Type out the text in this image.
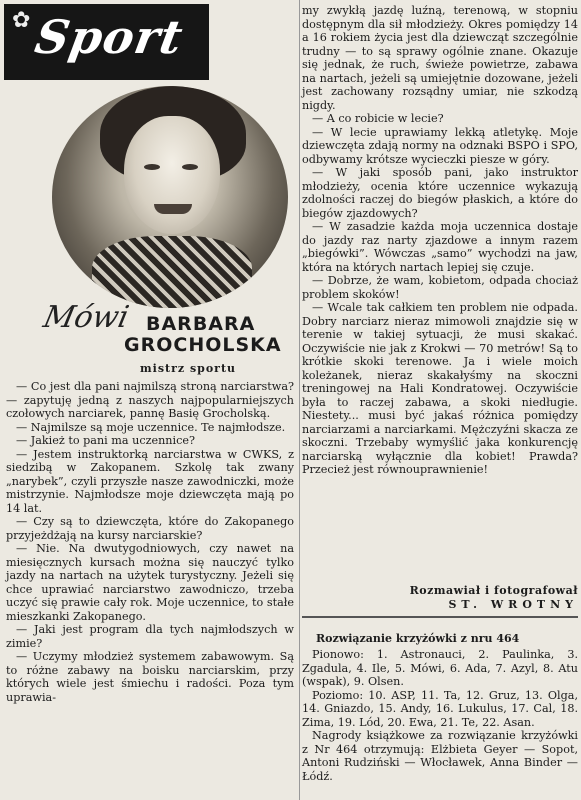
✿ Sport
Mówi BARBARA
GROCHOLSKA
mistrz sportu

— Co jest dla pani najmilszą stroną narciarstwa? — zapytuję jedną z naszych najpopularniejszych czołowych narciarek, pannę Basię Grocholską.

— Najmilsze są moje uczennice. Te najmłodsze.

— Jakież to pani ma uczennice?

— Jestem instruktorką narciarstwa w CWKS, z siedzibą w Zakopanem. Szkolę tak zwany „narybek”, czyli przyszłe nasze zawodniczki, może mistrzynie. Najmłodsze moje dziewczęta mają po 14 lat.

— Czy są to dziewczęta, które do Zakopanego przyjeżdżają na kursy narciarskie?

— Nie. Na dwutygodniowych, czy nawet na miesięcznych kursach można się nauczyć tylko jazdy na nartach na użytek turystyczny. Jeżeli się chce uprawiać narciarstwo zawodniczo, trzeba uczyć się prawie cały rok. Moje uczennice, to stałe mieszkanki Zakopanego.

— Jaki jest program dla tych najmłodszych w zimie?

— Uczymy młodzież systemem zabawowym. Są to różne zabawy na boisku narciarskim, przy których wiele jest śmiechu i radości. Poza tym uprawia-

my zwykłą jazdę luźną, terenową, w stopniu dostępnym dla sił młodzieży. Okres pomiędzy 14 a 16 rokiem życia jest dla dziewcząt szczególnie trudny — to są sprawy ogólnie znane. Okazuje się jednak, że ruch, świeże powietrze, zabawa na nartach, jeżeli są umiejętnie dozowane, jeżeli jest zachowany rozsądny umiar, nie szkodzą nigdy.

— A co robicie w lecie?

— W lecie uprawiamy lekką atletykę. Moje dziewczęta zdają normy na odznaki BSPO i SPO, odbywamy krótsze wycieczki piesze w góry.

— W jaki sposób pani, jako instruktor młodzieży, ocenia które uczennice wykazują zdolności raczej do biegów płaskich, a które do biegów zjazdowych?

— W zasadzie każda moja uczennica dostaje do jazdy raz narty zjazdowe a innym razem „biegówki”. Wówczas „samo” wychodzi na jaw, która na których nartach lepiej się czuje.

— Dobrze, że wam, kobietom, odpada chociaż problem skoków!

— Wcale tak całkiem ten problem nie odpada. Dobry narciarz nieraz mimowoli znajdzie się w terenie w takiej sytuacji, że musi skakać. Oczywiście nie jak z Krokwi — 70 metrów! Są to krótkie skoki terenowe. Ja i wiele moich koleżanek, nieraz skakałyśmy na skoczni treningowej na Hali Kondratowej. Oczywiście była to raczej zabawa, a skoki niedługie. Niestety... musi być jakaś różnica pomiędzy narciarzami a narciarkami. Mężczyźni skacza ze skoczni. Trzebaby wymyślić jaka konkurencję narciarską wyłącznie dla kobiet! Prawda? Przecież jest równouprawnienie!

Rozmawiał i fotografował
ST. WROTNY
Rozwiązanie krzyżówki z nru 464

Pionowo: 1. Astronauci, 2. Paulinka, 3. Zgadula, 4. Ile, 5. Mówi, 6. Ada, 7. Azyl, 8. Atu (wspak), 9. Olsen.

Poziomo: 10. ASP, 11. Ta, 12. Gruz, 13. Olga, 14. Gniazdo, 15. Andy, 16. Lukulus, 17. Cal, 18. Zima, 19. Lód, 20. Ewa, 21. Te, 22. Asan.

Nagrody książkowe za rozwiązanie krzyżówki z Nr 464 otrzymują: Elżbieta Geyer — Sopot, Antoni Rudziński — Włocławek, Anna Binder — Łódź.
